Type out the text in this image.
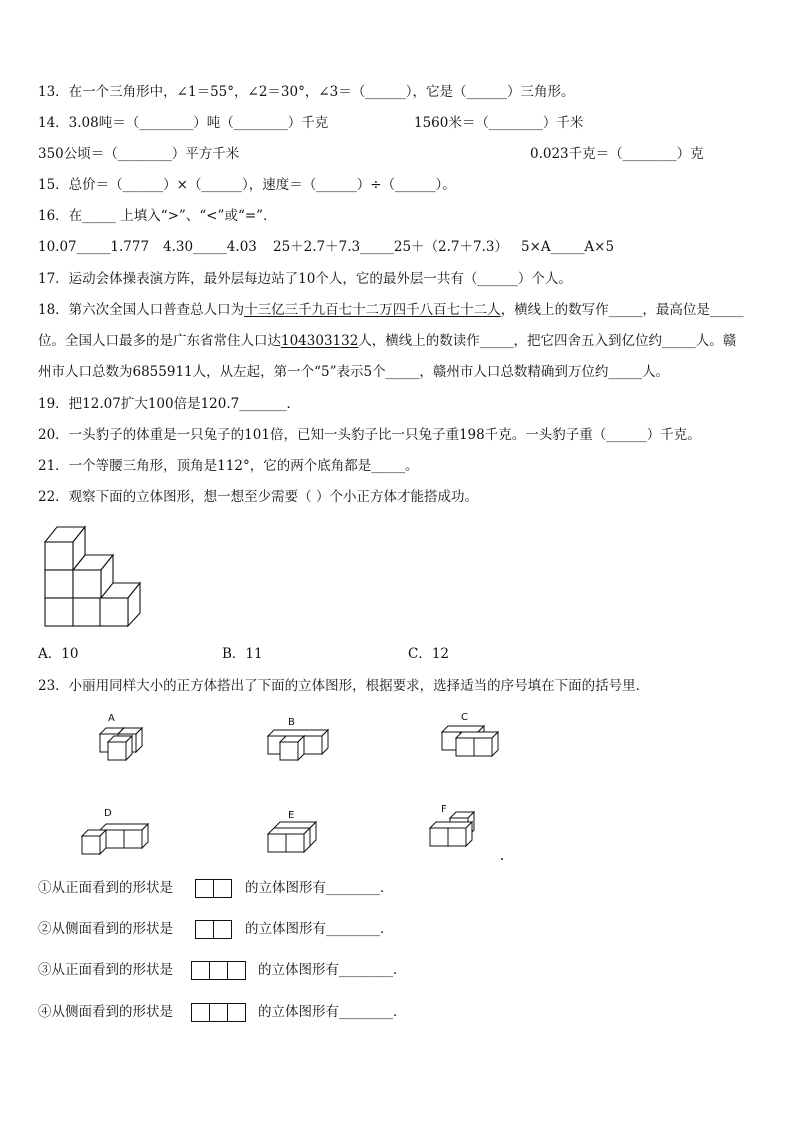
13．在一个三角形中，∠1＝55°，∠2＝30°，∠3＝（______），它是（______）三角形。
14．3.08吨＝（________）吨（________）千克	1560米＝（________）千米
350公顷＝（________）平方千米	0.023千克＝（________）克
15．总价＝（______）×（______），速度＝（______）÷（______）。
16．在_____ 上填入“>”、“<”或“=”．
10.07_____1.777 4.30_____4.03 25＋2.7＋7.3_____25＋（2.7＋7.3） 5×A_____A×5
17．运动会体操表演方阵，最外层每边站了10个人，它的最外层一共有（______）个人。
18．第六次全国人口普查总人口为十三亿三千九百七十二万四千八百七十二人，横线上的数写作_____，最高位是_____
位。全国人口最多的是广东省常住人口达104303132人，横线上的数读作_____，把它四舍五入到亿位约_____人。赣
州市人口总数为6855911人，从左起，第一个“5”表示5个_____，赣州市人口总数精确到万位约_____人。
19．把12.07扩大100倍是120.7_______．
20．一头豹子的体重是一只兔子的101倍，已知一头豹子比一只兔子重198千克。一头豹子重（______）千克。
21．一个等腰三角形，顶角是112°，它的两个底角都是_____。
22．观察下面的立体图形，想一想至少需要（ ）个小正方体才能搭成功。
A．10	B．11	C．12
23．小丽用同样大小的正方体搭出了下面的立体图形，根据要求，选择适当的序号填在下面的括号里．
A	B	C
D	E
F
①从正面看到的形状是	的立体图形有________．
②从侧面看到的形状是	的立体图形有________．
③从正面看到的形状是	的立体图形有________．
④从侧面看到的形状是	的立体图形有________．
